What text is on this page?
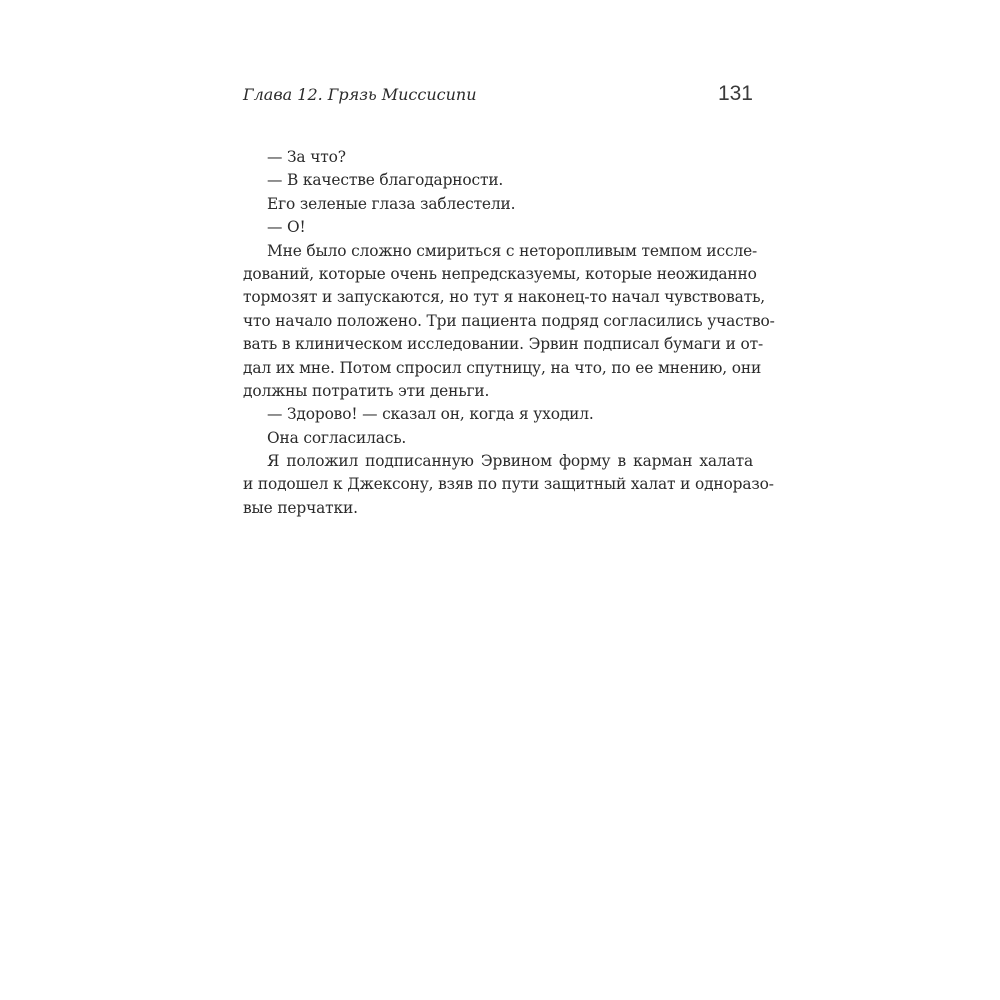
Глава 12. Грязь Миссисипи	131
— За что?
— В качестве благодарности.
Его зеленые глаза заблестели.
— О!
Мне было сложно смириться с неторопливым темпом иссле-
дований, которые очень непредсказуемы, которые неожиданно
тормозят и запускаются, но тут я наконец-то начал чувствовать,
что начало положено. Три пациента подряд согласились участво-
вать в клиническом исследовании. Эрвин подписал бумаги и от-
дал их мне. Потом спросил спутницу, на что, по ее мнению, они
должны потратить эти деньги.
— Здорово! — сказал он, когда я уходил.
Она согласилась.
Я положил подписанную Эрвином форму в карман халата
и подошел к Джексону, взяв по пути защитный халат и одноразо-
вые перчатки.
